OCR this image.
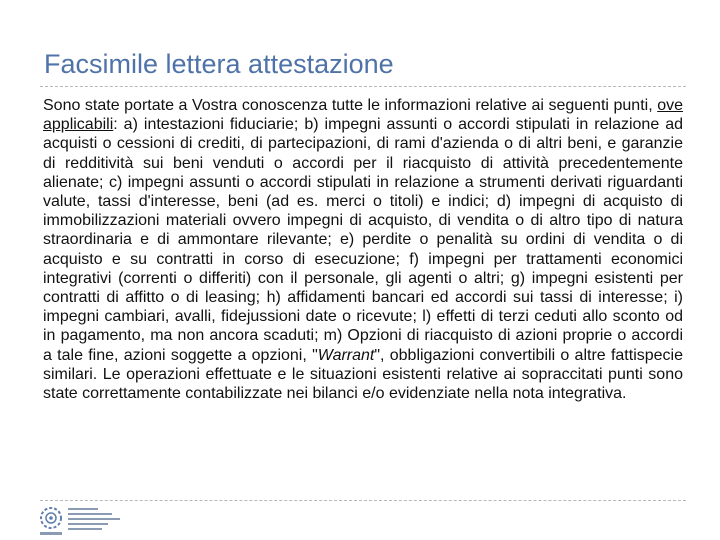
Facsimile lettera attestazione

Sono state portate a Vostra conoscenza tutte le informazioni relative ai seguenti punti, ove applicabili: a) intestazioni fiduciarie; b) impegni assunti o accordi stipulati in relazione ad acquisti o cessioni di crediti, di partecipazioni, di rami d'azienda o di altri beni, e garanzie di redditività sui beni venduti o accordi per il riacquisto di attività precedentemente alienate; c) impegni assunti o accordi stipulati in relazione a strumenti derivati riguardanti valute, tassi d'interesse, beni (ad es. merci o titoli) e indici; d) impegni di acquisto di immobilizzazioni materiali ovvero impegni di acquisto, di vendita o di altro tipo di natura straordinaria e di ammontare rilevante; e) perdite o penalità su ordini di vendita o di acquisto e su contratti in corso di esecuzione; f) impegni per trattamenti economici integrativi (correnti o differiti) con il personale, gli agenti o altri; g) impegni esistenti per contratti di affitto o di leasing; h) affidamenti bancari ed accordi sui tassi di interesse; i) impegni cambiari, avalli, fidejussioni date o ricevute; l) effetti di terzi ceduti allo sconto od in pagamento, ma non ancora scaduti; m) Opzioni di riacquisto di azioni proprie o accordi a tale fine, azioni soggette a opzioni, "Warrant", obbligazioni convertibili o altre fattispecie similari. Le operazioni effettuate e le situazioni esistenti relative ai sopraccitati punti sono state correttamente contabilizzate nei bilanci e/o evidenziate nella nota integrativa.
